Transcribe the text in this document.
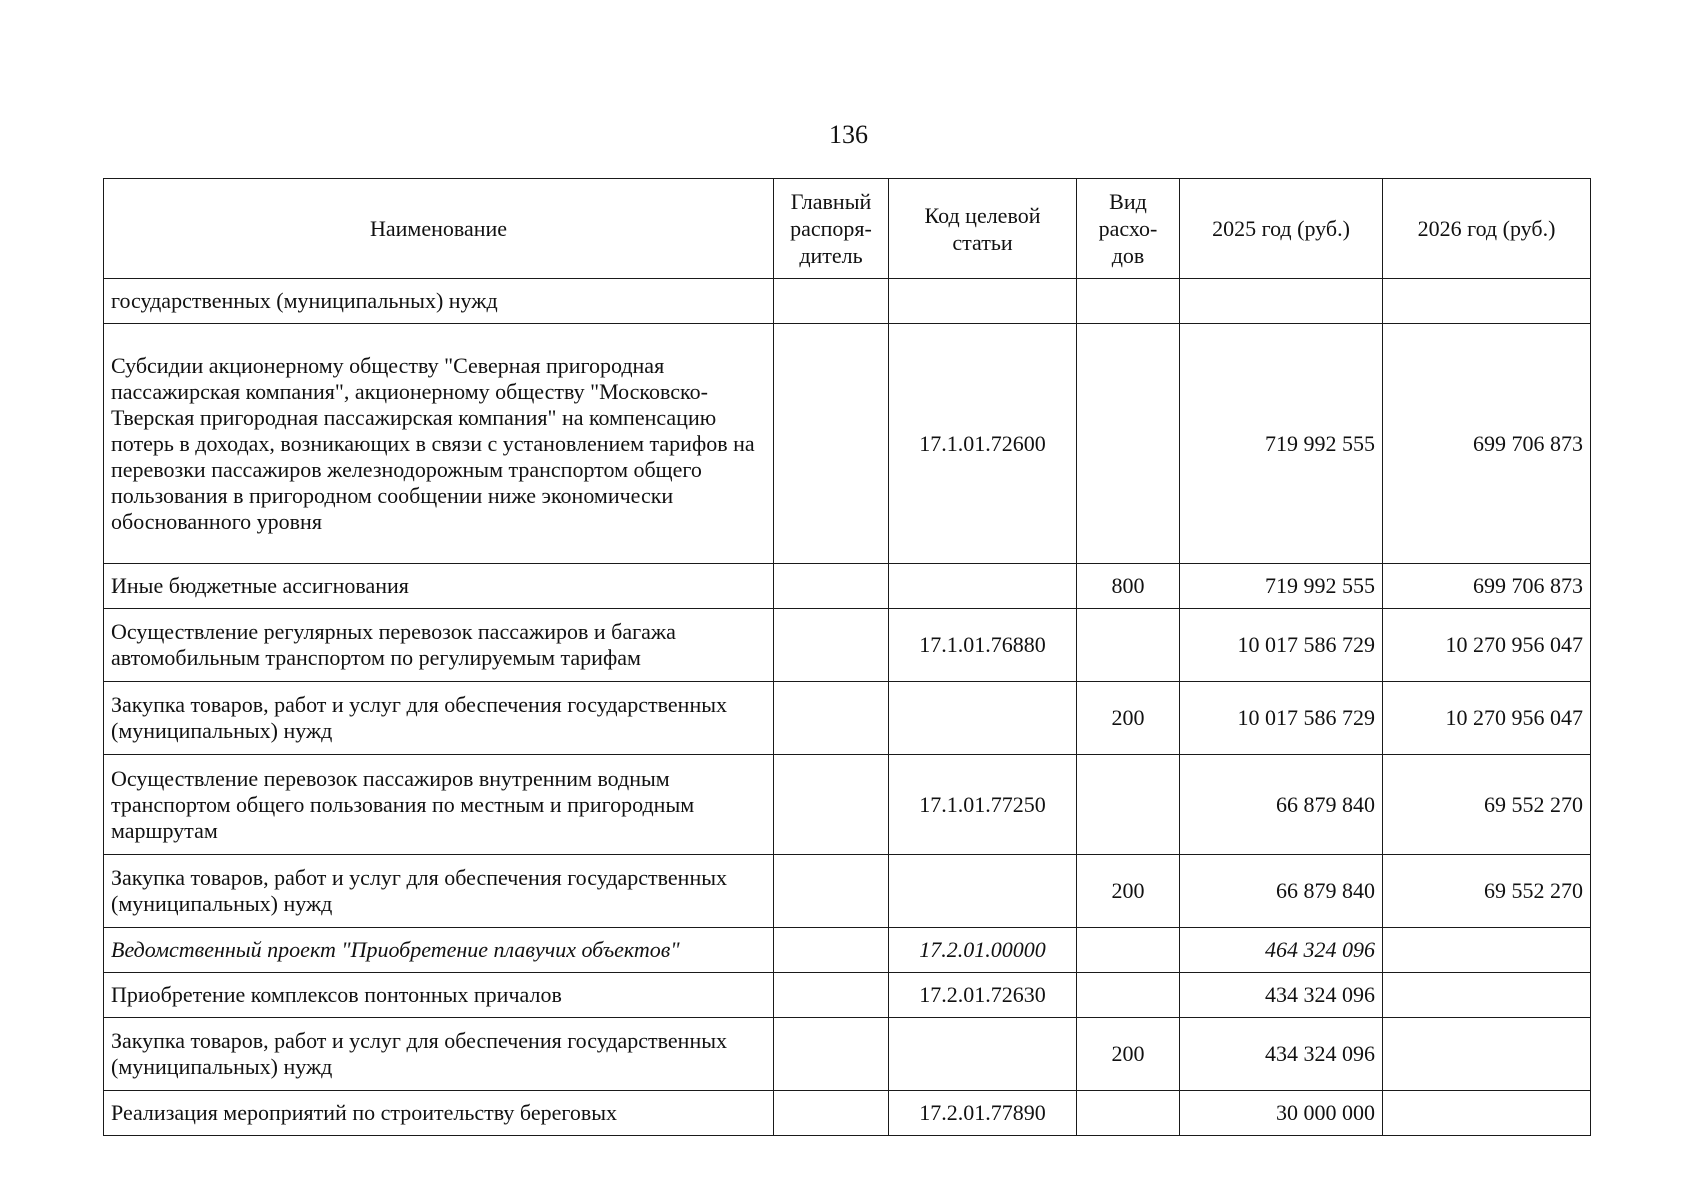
136
Наименование	Главный распоря-дитель	Код целевой статьи	Вид расхо-дов	2025 год (руб.)	2026 год (руб.)
государственных (муниципальных) нужд					
Субсидии акционерному обществу "Северная пригородная пассажирская компания", акционерному обществу "Московско-Тверская пригородная пассажирская компания" на компенсацию потерь в доходах, возникающих в связи с установлением тарифов на перевозки пассажиров железнодорожным транспортом общего пользования в пригородном сообщении ниже экономически обоснованного уровня		17.1.01.72600		719 992 555	699 706 873
Иные бюджетные ассигнования			800	719 992 555	699 706 873
Осуществление регулярных перевозок пассажиров и багажа автомобильным транспортом по регулируемым тарифам		17.1.01.76880		10 017 586 729	10 270 956 047
Закупка товаров, работ и услуг для обеспечения государственных (муниципальных) нужд			200	10 017 586 729	10 270 956 047
Осуществление перевозок пассажиров внутренним водным транспортом общего пользования по местным и пригородным маршрутам		17.1.01.77250		66 879 840	69 552 270
Закупка товаров, работ и услуг для обеспечения государственных (муниципальных) нужд			200	66 879 840	69 552 270
Ведомственный проект "Приобретение плавучих объектов"		17.2.01.00000		464 324 096	
Приобретение комплексов понтонных причалов		17.2.01.72630		434 324 096	
Закупка товаров, работ и услуг для обеспечения государственных (муниципальных) нужд			200	434 324 096	
Реализация мероприятий по строительству береговых		17.2.01.77890		30 000 000	
